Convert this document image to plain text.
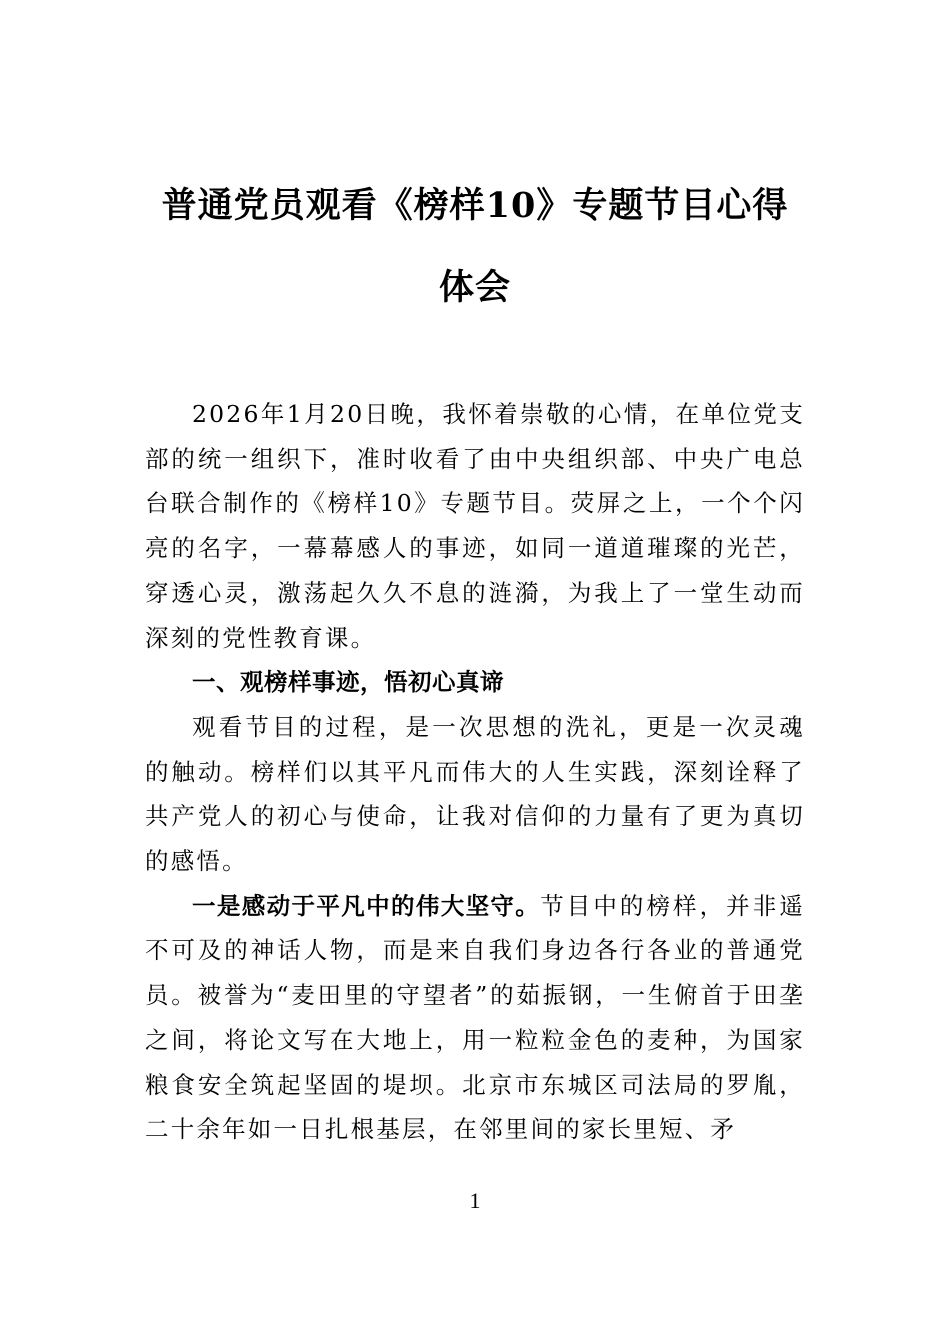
普通党员观看《榜样10》专题节目心得体会

2026年1月20日晚，我怀着崇敬的心情，在单位党支部的统一组织下，准时收看了由中央组织部、中央广电总台联合制作的《榜样10》专题节目。荧屏之上，一个个闪亮的名字，一幕幕感人的事迹，如同一道道璀璨的光芒，穿透心灵，激荡起久久不息的涟漪，为我上了一堂生动而深刻的党性教育课。

一、观榜样事迹，悟初心真谛

观看节目的过程，是一次思想的洗礼，更是一次灵魂的触动。榜样们以其平凡而伟大的人生实践，深刻诠释了共产党人的初心与使命，让我对信仰的力量有了更为真切的感悟。

一是感动于平凡中的伟大坚守。节目中的榜样，并非遥不可及的神话人物，而是来自我们身边各行各业的普通党员。被誉为“麦田里的守望者”的茹振钢，一生俯首于田垄之间，将论文写在大地上，用一粒粒金色的麦种，为国家粮食安全筑起坚固的堤坝。北京市东城区司法局的罗胤，二十余年如一日扎根基层，在邻里间的家长里短、矛

1
